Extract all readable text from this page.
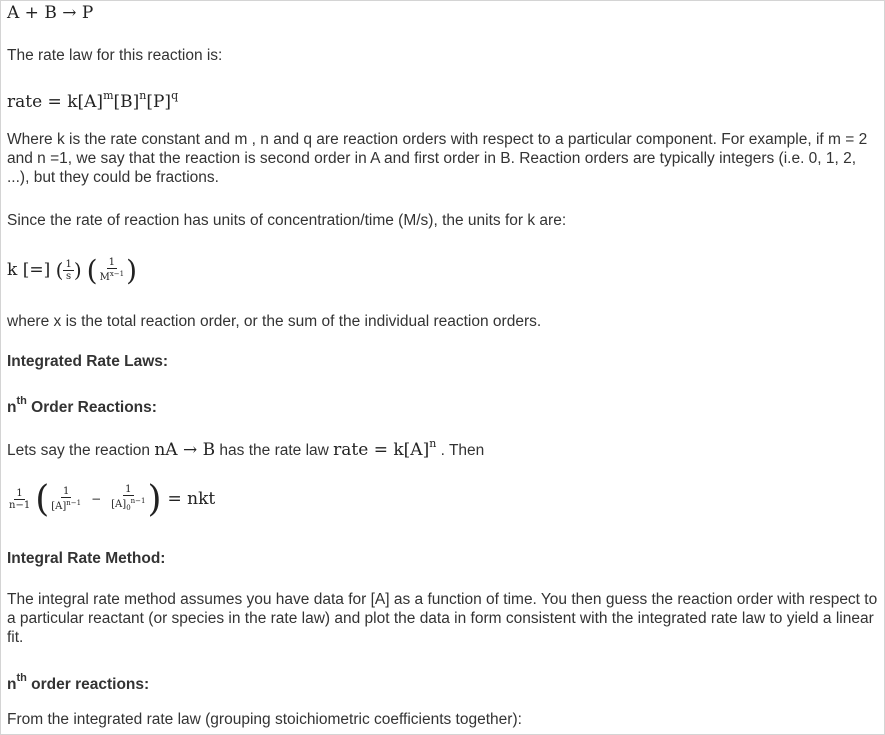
A + B → P
The rate law for this reaction is:
rate = $k[A]^m[B]^n[P]^q$
Where k is the rate constant and m , n and q are reaction orders with respect to a particular component. For example, if m = 2 and n =1, we say that the reaction is second order in A and first order in B. Reaction orders are typically integers (i.e. 0, 1, 2, ...), but they could be fractions.
Since the rate of reaction has units of concentration/time (M/s), the units for k are:
k [=] ( $\frac{1}{s}$ ) ( $\frac{1}{M^{x-1}}$ )
where x is the total reaction order, or the sum of the individual reaction orders.
Integrated Rate Laws:
$n^{th}$ Order Reactions:
Lets say the reaction nA → B has the rate law rate = $k[A]^n$ . Then
$\frac{1}{n-1}$ ( $\frac{1}{[A]^{n-1}} - \frac{1}{[A]_0^{n-1}}$ ) = nkt
Integral Rate Method:
The integral rate method assumes you have data for [A] as a function of time. You then guess the reaction order with respect to a particular reactant (or species in the rate law) and plot the data in form consistent with the integrated rate law to yield a linear fit.
$n^{th}$ order reactions:
From the integrated rate law (grouping stoichiometric coefficients together):
